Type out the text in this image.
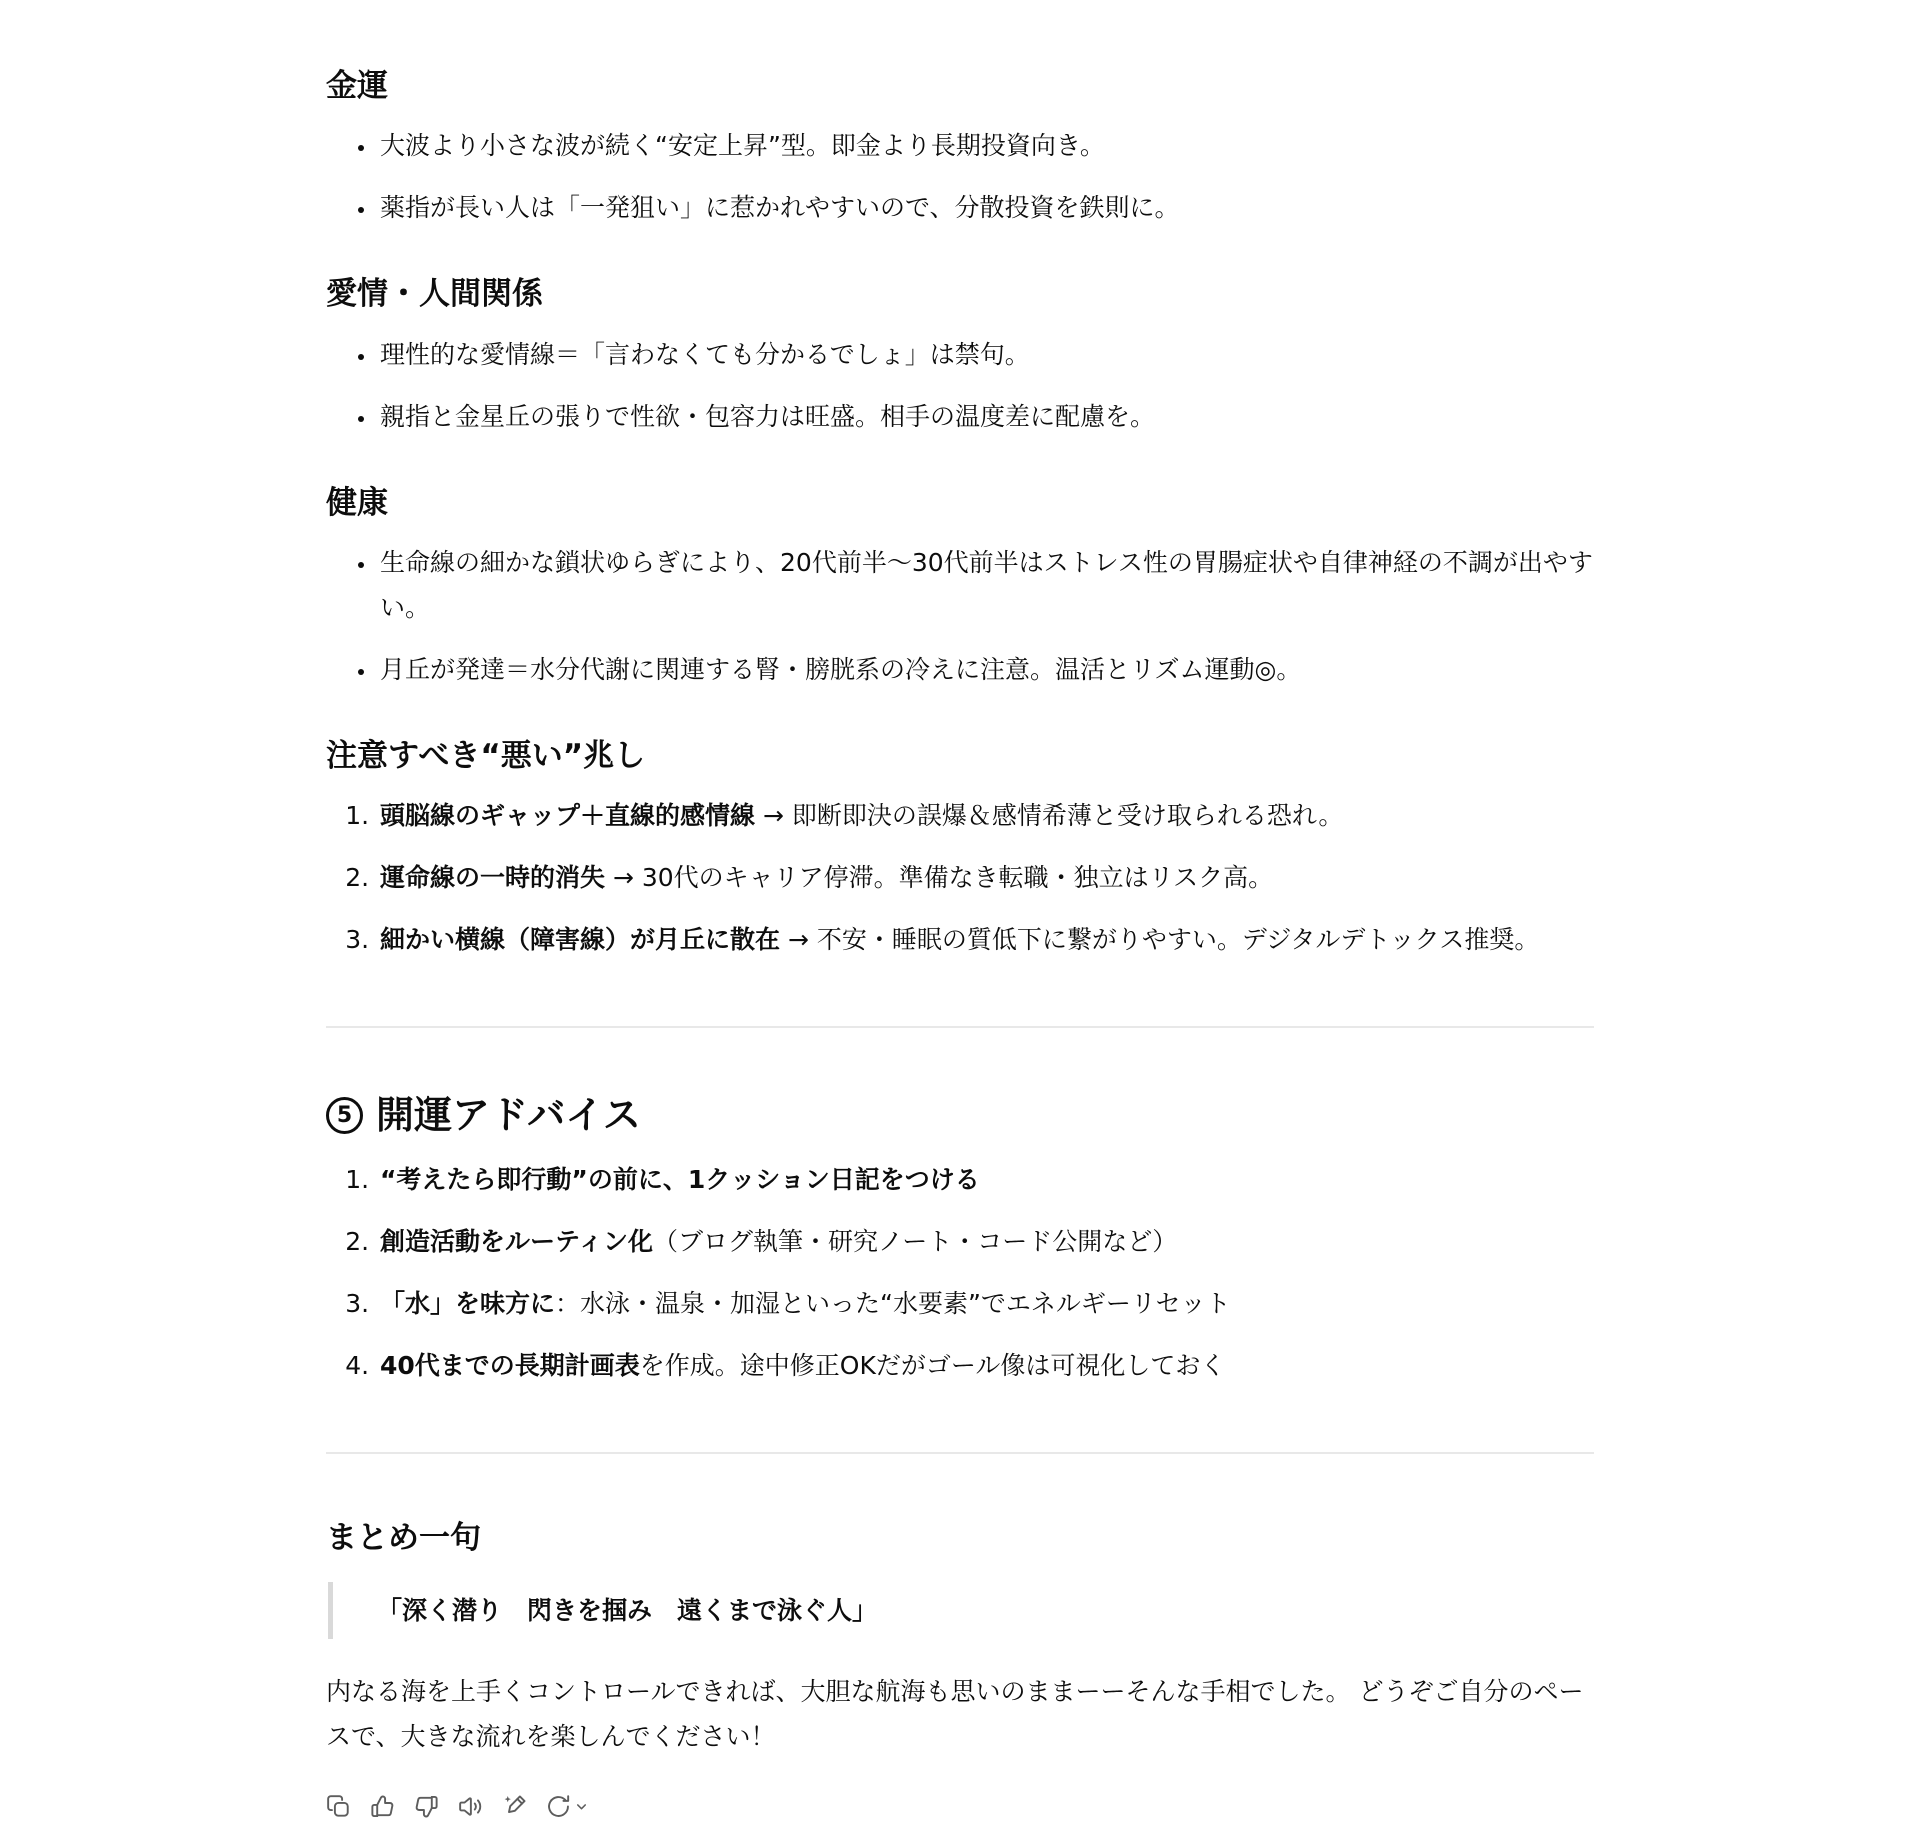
金運
• 大波より小さな波が続く“安定上昇”型。即金より長期投資向き。
• 薬指が長い人は「一発狙い」に惹かれやすいので、分散投資を鉄則に。
愛情・人間関係
• 理性的な愛情線＝「言わなくても分かるでしょ」は禁句。
• 親指と金星丘の張りで性欲・包容力は旺盛。相手の温度差に配慮を。
健康
• 生命線の細かな鎖状ゆらぎにより、20代前半〜30代前半はストレス性の胃腸症状や自律神経の不調が出やすい。
• 月丘が発達＝水分代謝に関連する腎・膀胱系の冷えに注意。温活とリズム運動◎。
注意すべき“悪い”兆し
1. 頭脳線のギャップ＋直線的感情線 → 即断即決の誤爆＆感情希薄と受け取られる恐れ。
2. 運命線の一時的消失 → 30代のキャリア停滞。準備なき転職・独立はリスク高。
3. 細かい横線（障害線）が月丘に散在 → 不安・睡眠の質低下に繋がりやすい。デジタルデトックス推奨。
5 開運アドバイス
1. “考えたら即行動”の前に、1クッション日記をつける
2. 創造活動をルーティン化（ブログ執筆・研究ノート・コード公開など）
3. 「水」を味方に：水泳・温泉・加湿といった“水要素”でエネルギーリセット
4. 40代までの長期計画表を作成。途中修正OKだがゴール像は可視化しておく
まとめ一句
「深く潜り　閃きを掴み　遠くまで泳ぐ人」

内なる海を上手くコントロールできれば、大胆な航海も思いのままーーそんな手相でした。 どうぞご自分のペースで、大きな流れを楽しんでください！
